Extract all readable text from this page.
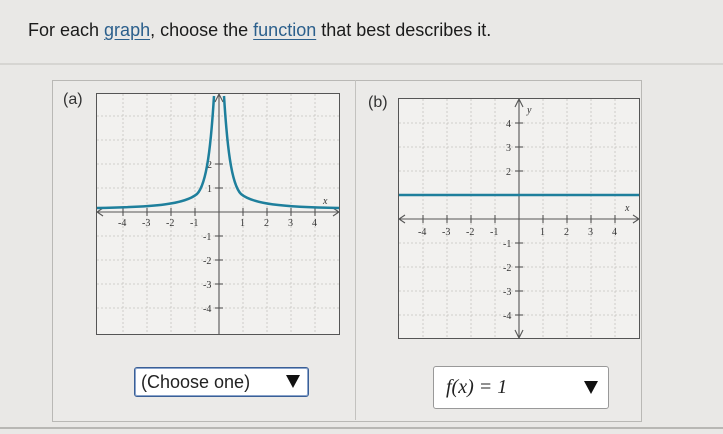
For each graph, choose the function that best describes it.
(a)	(b)
-4 -3 -2 -1	1 2 3 4
2
1
-1
-2
-3
-4
x
-4 -3 -2 -1	1 2 3 4
4
3
2
-1
-2
-3
-4
x
y
(Choose one)	f(x) = 1
